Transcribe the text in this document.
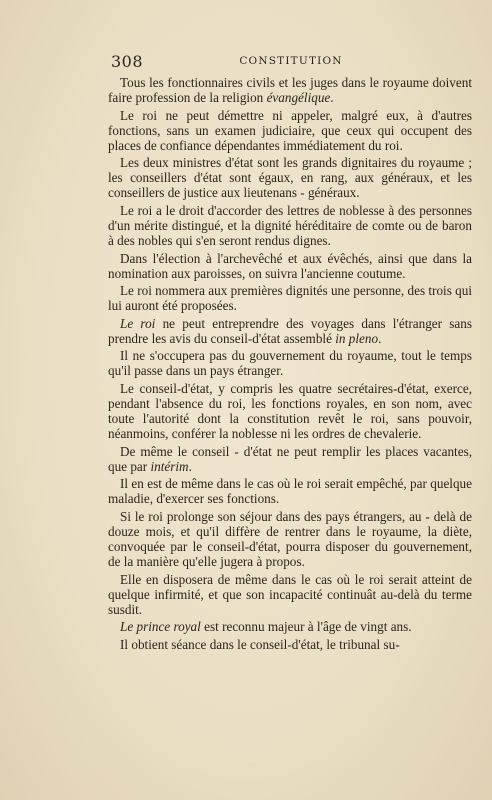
308	CONSTITUTION

Tous les fonctionnaires civils et les juges dans le royaume doivent faire profession de la religion évangélique.

Le roi ne peut démettre ni appeler, malgré eux, à d'autres fonctions, sans un examen judiciaire, que ceux qui occupent des places de confiance dépendantes immédiatement du roi.

Les deux ministres d'état sont les grands dignitaires du royaume ; les conseillers d'état sont égaux, en rang, aux généraux, et les conseillers de justice aux lieutenans - généraux.

Le roi a le droit d'accorder des lettres de noblesse à des personnes d'un mérite distingué, et la dignité héréditaire de comte ou de baron à des nobles qui s'en seront rendus dignes.

Dans l'élection à l'archevêché et aux évêchés, ainsi que dans la nomination aux paroisses, on suivra l'ancienne coutume.

Le roi nommera aux premières dignités une personne, des trois qui lui auront été proposées.

Le roi ne peut entreprendre des voyages dans l'étranger sans prendre les avis du conseil-d'état assemblé in pleno.

Il ne s'occupera pas du gouvernement du royaume, tout le temps qu'il passe dans un pays étranger.

Le conseil-d'état, y compris les quatre secrétaires-d'état, exerce, pendant l'absence du roi, les fonctions royales, en son nom, avec toute l'autorité dont la constitution revêt le roi, sans pouvoir, néanmoins, conférer la noblesse ni les ordres de chevalerie.

De même le conseil - d'état ne peut remplir les places vacantes, que par intérim.

Il en est de même dans le cas où le roi serait empêché, par quelque maladie, d'exercer ses fonctions.

Si le roi prolonge son séjour dans des pays étrangers, au - delà de douze mois, et qu'il diffère de rentrer dans le royaume, la diète, convoquée par le conseil-d'état, pourra disposer du gouvernement, de la manière qu'elle jugera à propos.

Elle en disposera de même dans le cas où le roi serait atteint de quelque infirmité, et que son incapacité continuât au-delà du terme susdit.

Le prince royal est reconnu majeur à l'âge de vingt ans.

Il obtient séance dans le conseil-d'état, le tribunal su-
